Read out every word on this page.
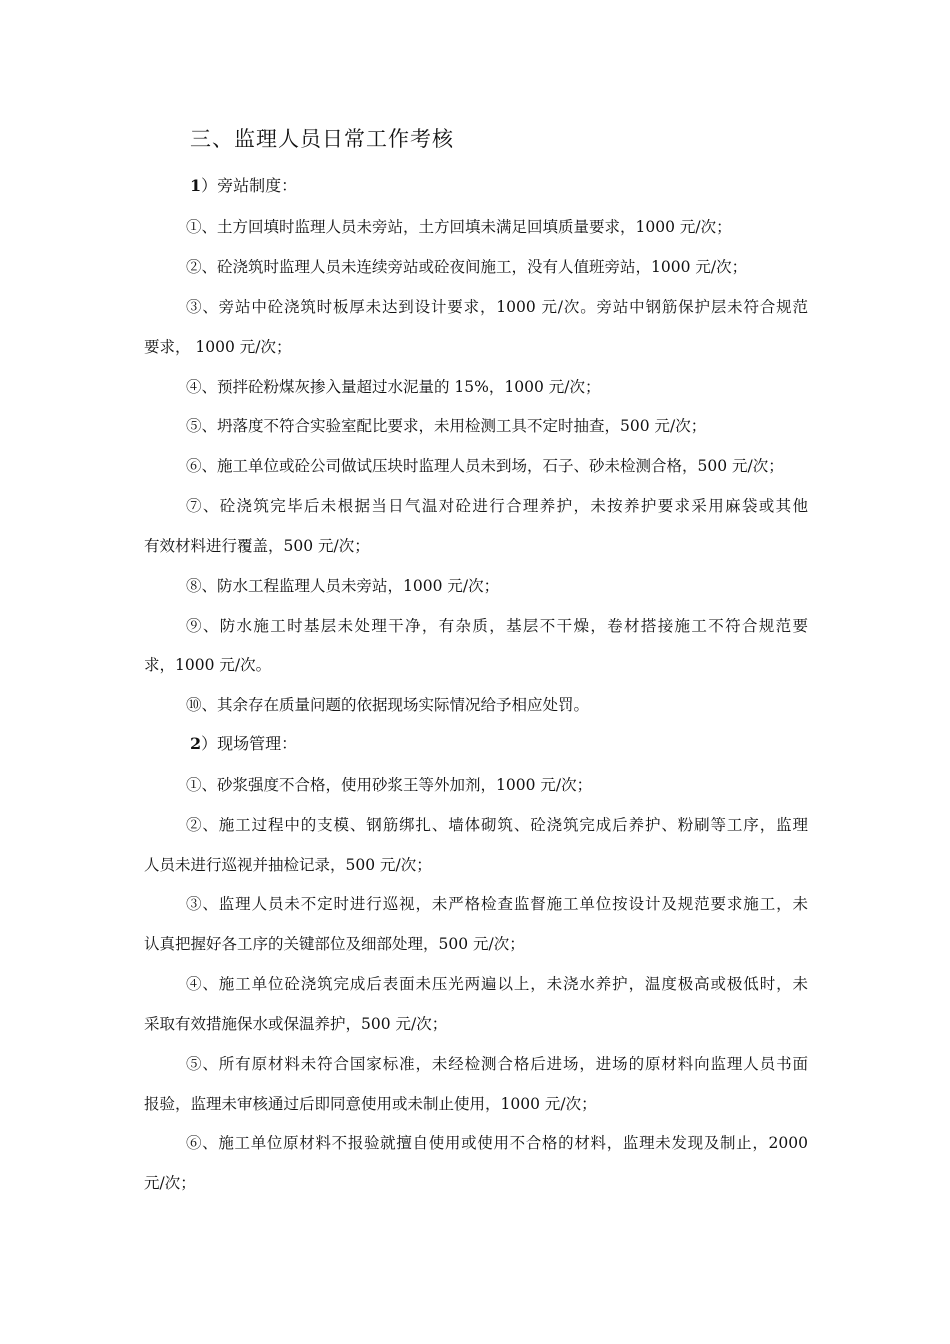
三、监理人员日常工作考核
1）旁站制度：
①、土方回填时监理人员未旁站，土方回填未满足回填质量要求，1000 元/次；
②、砼浇筑时监理人员未连续旁站或砼夜间施工，没有人值班旁站，1000 元/次；
③、旁站中砼浇筑时板厚未达到设计要求，1000 元/次。旁站中钢筋保护层未符合规范
要求， 1000 元/次；
④、预拌砼粉煤灰掺入量超过水泥量的 15%，1000 元/次；
⑤、坍落度不符合实验室配比要求，未用检测工具不定时抽查，500 元/次；
⑥、施工单位或砼公司做试压块时监理人员未到场，石子、砂未检测合格，500 元/次；
⑦、砼浇筑完毕后未根据当日气温对砼进行合理养护，未按养护要求采用麻袋或其他
有效材料进行覆盖，500 元/次；
⑧、防水工程监理人员未旁站，1000 元/次；
⑨、防水施工时基层未处理干净，有杂质，基层不干燥，卷材搭接施工不符合规范要
求，1000 元/次。
⑩、其余存在质量问题的依据现场实际情况给予相应处罚。
2）现场管理：
①、砂浆强度不合格，使用砂浆王等外加剂，1000 元/次；
②、施工过程中的支模、钢筋绑扎、墙体砌筑、砼浇筑完成后养护、粉刷等工序，监理
人员未进行巡视并抽检记录，500 元/次；
③、监理人员未不定时进行巡视，未严格检查监督施工单位按设计及规范要求施工，未
认真把握好各工序的关键部位及细部处理，500 元/次；
④、施工单位砼浇筑完成后表面未压光两遍以上，未浇水养护，温度极高或极低时，未
采取有效措施保水或保温养护，500 元/次；
⑤、所有原材料未符合国家标准，未经检测合格后进场，进场的原材料向监理人员书面
报验，监理未审核通过后即同意使用或未制止使用，1000 元/次；
⑥、施工单位原材料不报验就擅自使用或使用不合格的材料，监理未发现及制止，2000
元/次；
